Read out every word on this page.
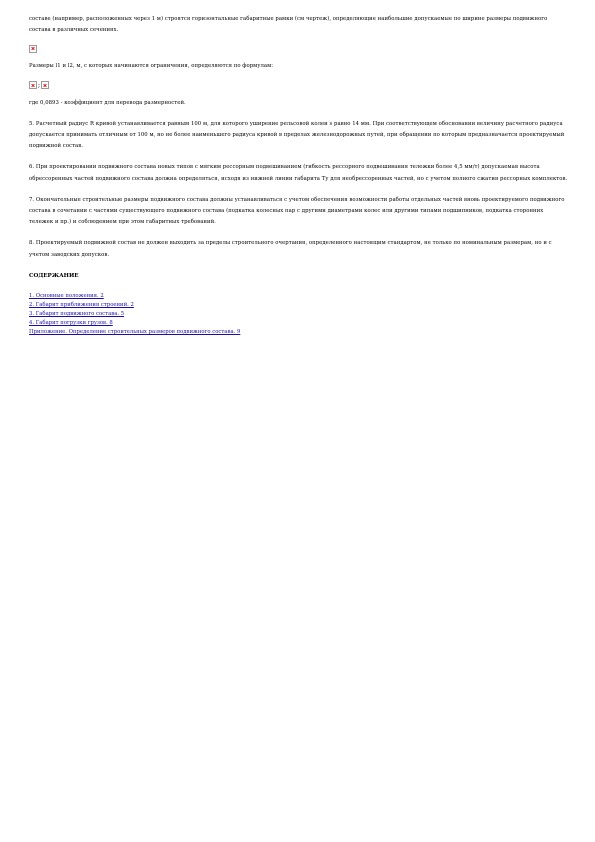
составе (например, расположенных через 1 м) строятся горизонтальные габаритные рамки (см чертеж), определяющие наибольшие допускаемые по ширине размеры подвижного состава в различных сечениях.

Размеры l1 и l2, м, с которых начинаются ограничения, определяются по формулам:

;

где 0,0893 - коэффициент для перевода размерностей.

5. Расчетный радиус R кривой устанавливается равным 100 м, для которого уширение рельсовой колеи s равно 14 мм. При соответствующем обосновании величину расчетного радиуса допускается принимать отличным от 100 м, но не более наименьшего радиуса кривой в пределах железнодорожных путей, при обращении по которым предназначается проектируемый подвижной состав.

6. При проектировании подвижного состава новых типов с мягким рессорным подвешиванием (гибкость рессорного подвешивания тележки более 4,5 мм/т) допускаемая высота обрессоренных частей подвижного состава должна определяться, исходя из нижней линии габарита Ту для необрессоренных частей, но с учетом полного сжатия рессорных комплектов.

7. Окончательные строительные размеры подвижного состава должны устанавливаться с учетом обеспечения возможности работы отдельных частей вновь проектируемого подвижного состава в сочетании с частями существующего подвижного состава (подкатка колесных пар с другими диаметрами колес или другими типами подшипников, подкатка сторонних тележек и пр.) и соблюдением при этом габаритных требований.

8. Проектируемый подвижной состав не должен выходить за пределы строительного очертания, определенного настоящим стандартом, не только по номинальным размерам, но и с учетом заводских допусков.

СОДЕРЖАНИЕ

1. Основные положения. 2
2. Габарит приближения строений. 2
3. Габарит подвижного состава. 5
4. Габарит погрузки грузов. 8
Приложение. Определение строительных размеров подвижного состава. 9
